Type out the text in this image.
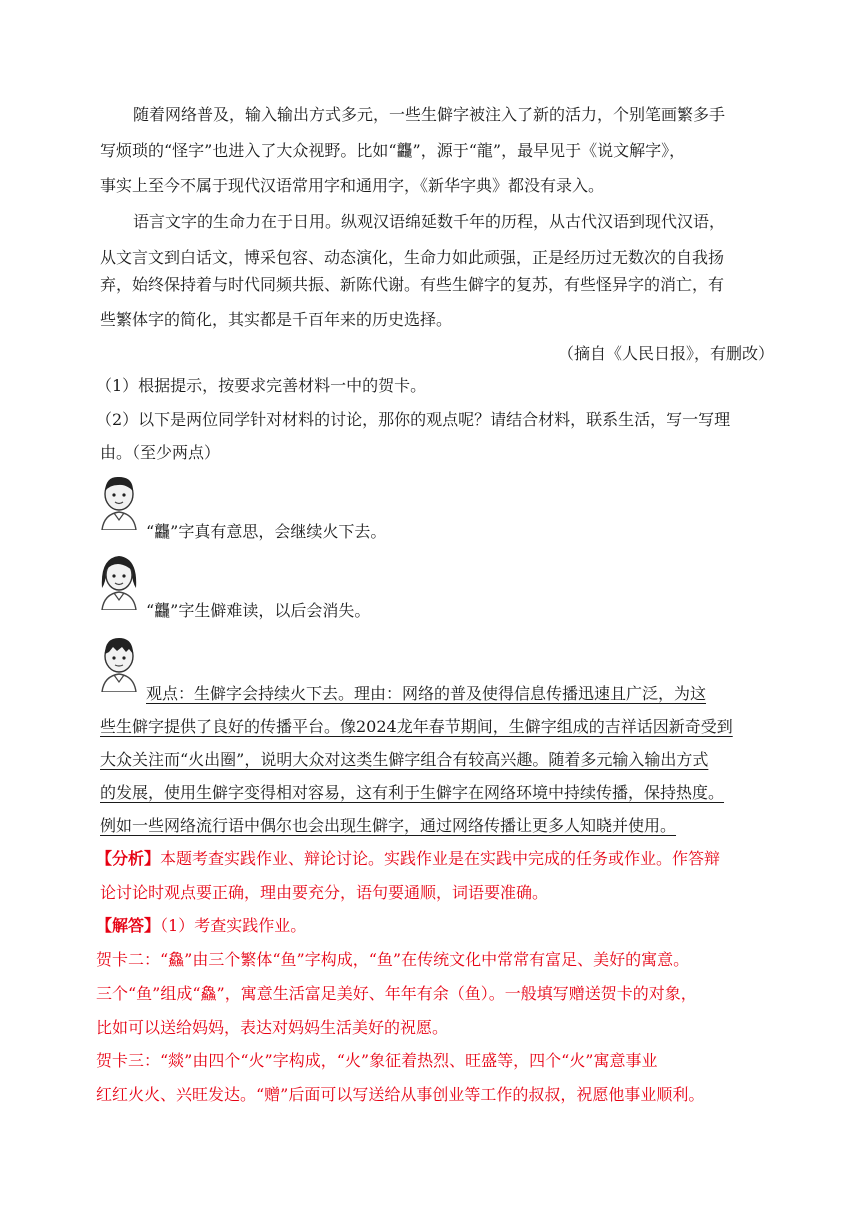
随着网络普及，输入输出方式多元，一些生僻字被注入了新的活力，个别笔画繁多手
写烦琐的“怪字”也进入了大众视野。比如“龘”，源于“龍”，最早见于《说文解字》，
事实上至今不属于现代汉语常用字和通用字，《新华字典》都没有录入。
语言文字的生命力在于日用。纵观汉语绵延数千年的历程，从古代汉语到现代汉语，
从文言文到白话文，博采包容、动态演化，生命力如此顽强，正是经历过无数次的自我扬
弃，始终保持着与时代同频共振、新陈代谢。有些生僻字的复苏，有些怪异字的消亡，有
些繁体字的简化，其实都是千百年来的历史选择。
（摘自《人民日报》，有删改）
（1）根据提示，按要求完善材料一中的贺卡。
（2）以下是两位同学针对材料的讨论，那你的观点呢？请结合材料，联系生活，写一写理
由。（至少两点）
“龘”字真有意思，会继续火下去。
“龘”字生僻难读，以后会消失。
观点：生僻字会持续火下去。理由：网络的普及使得信息传播迅速且广泛，为这
些生僻字提供了良好的传播平台。像2024龙年春节期间，生僻字组成的吉祥话因新奇受到
大众关注而“火出圈”，说明大众对这类生僻字组合有较高兴趣。随着多元输入输出方式
的发展，使用生僻字变得相对容易，这有利于生僻字在网络环境中持续传播，保持热度。
例如一些网络流行语中偶尔也会出现生僻字，通过网络传播让更多人知晓并使用。
【分析】本题考查实践作业、辩论讨论。实践作业是在实践中完成的任务或作业。作答辩
论讨论时观点要正确，理由要充分，语句要通顺，词语要准确。
【解答】（1）考查实践作业。
贺卡二：“鱻”由三个繁体“鱼”字构成，“鱼”在传统文化中常常有富足、美好的寓意。
三个“鱼”组成“鱻”，寓意生活富足美好、年年有余（鱼）。一般填写赠送贺卡的对象，
比如可以送给妈妈，表达对妈妈生活美好的祝愿。
贺卡三：“燚”由四个“火”字构成，“火”象征着热烈、旺盛等，四个“火”寓意事业
红红火火、兴旺发达。“赠”后面可以写送给从事创业等工作的叔叔，祝愿他事业顺利。
